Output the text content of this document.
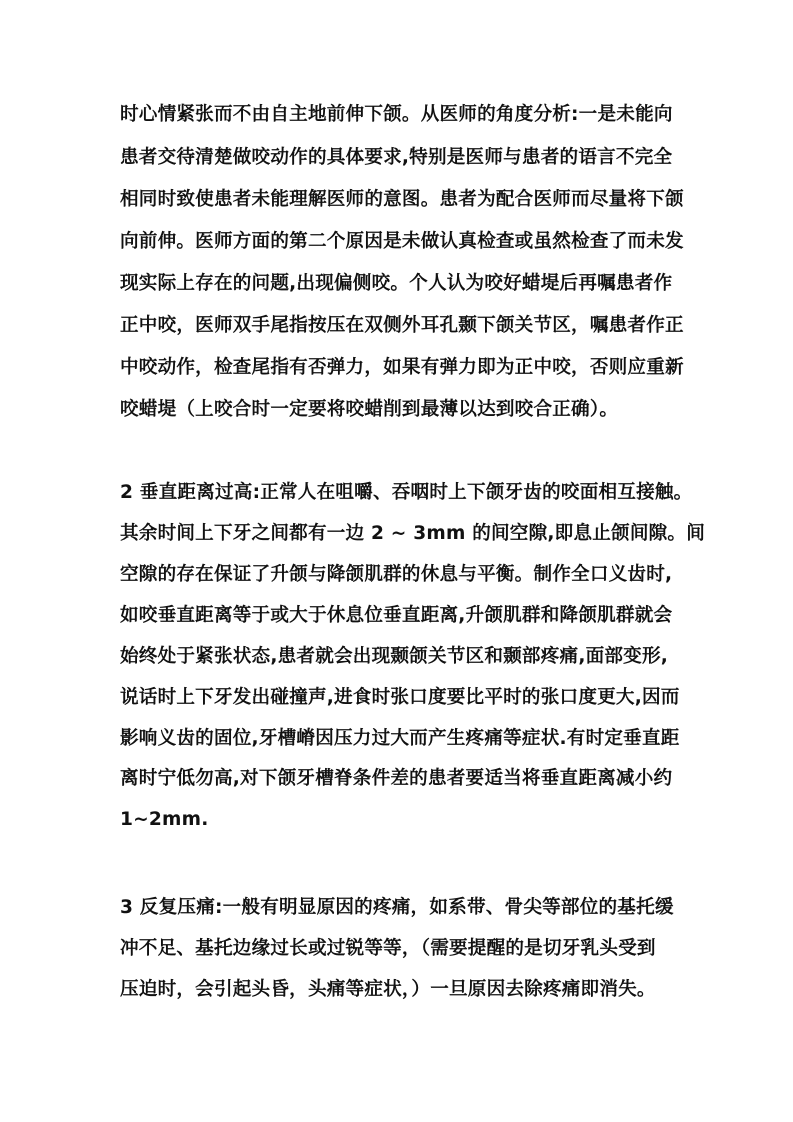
时心情紧张而不由自主地前伸下颌。从医师的角度分析:一是未能向
患者交待清楚做咬动作的具体要求,特别是医师与患者的语言不完全
相同时致使患者未能理解医师的意图。患者为配合医师而尽量将下颌
向前伸。医师方面的第二个原因是未做认真检查或虽然检查了而未发
现实际上存在的问题,出现偏侧咬。个人认为咬好蜡堤后再嘱患者作
正中咬，医师双手尾指按压在双侧外耳孔颞下颌关节区，嘱患者作正
中咬动作，检查尾指有否弹力，如果有弹力即为正中咬，否则应重新
咬蜡堤（上咬合时一定要将咬蜡削到最薄以达到咬合正确）。
2 垂直距离过高:正常人在咀嚼、吞咽时上下颌牙齿的咬面相互接触。
其余时间上下牙之间都有一边 2 ~ 3mm 的间空隙,即息止颌间隙。间
空隙的存在保证了升颌与降颌肌群的休息与平衡。制作全口义齿时,
如咬垂直距离等于或大于休息位垂直距离,升颌肌群和降颌肌群就会
始终处于紧张状态,患者就会出现颞颌关节区和颞部疼痛,面部变形,
说话时上下牙发出碰撞声,进食时张口度要比平时的张口度更大,因而
影响义齿的固位,牙槽嵴因压力过大而产生疼痛等症状.有时定垂直距
离时宁低勿高,对下颌牙槽脊条件差的患者要适当将垂直距离减小约
1~2mm.
3 反复压痛:一般有明显原因的疼痛，如系带、骨尖等部位的基托缓
冲不足、基托边缘过长或过锐等等，（需要提醒的是切牙乳头受到
压迫时，会引起头昏，头痛等症状，）一旦原因去除疼痛即消失。
